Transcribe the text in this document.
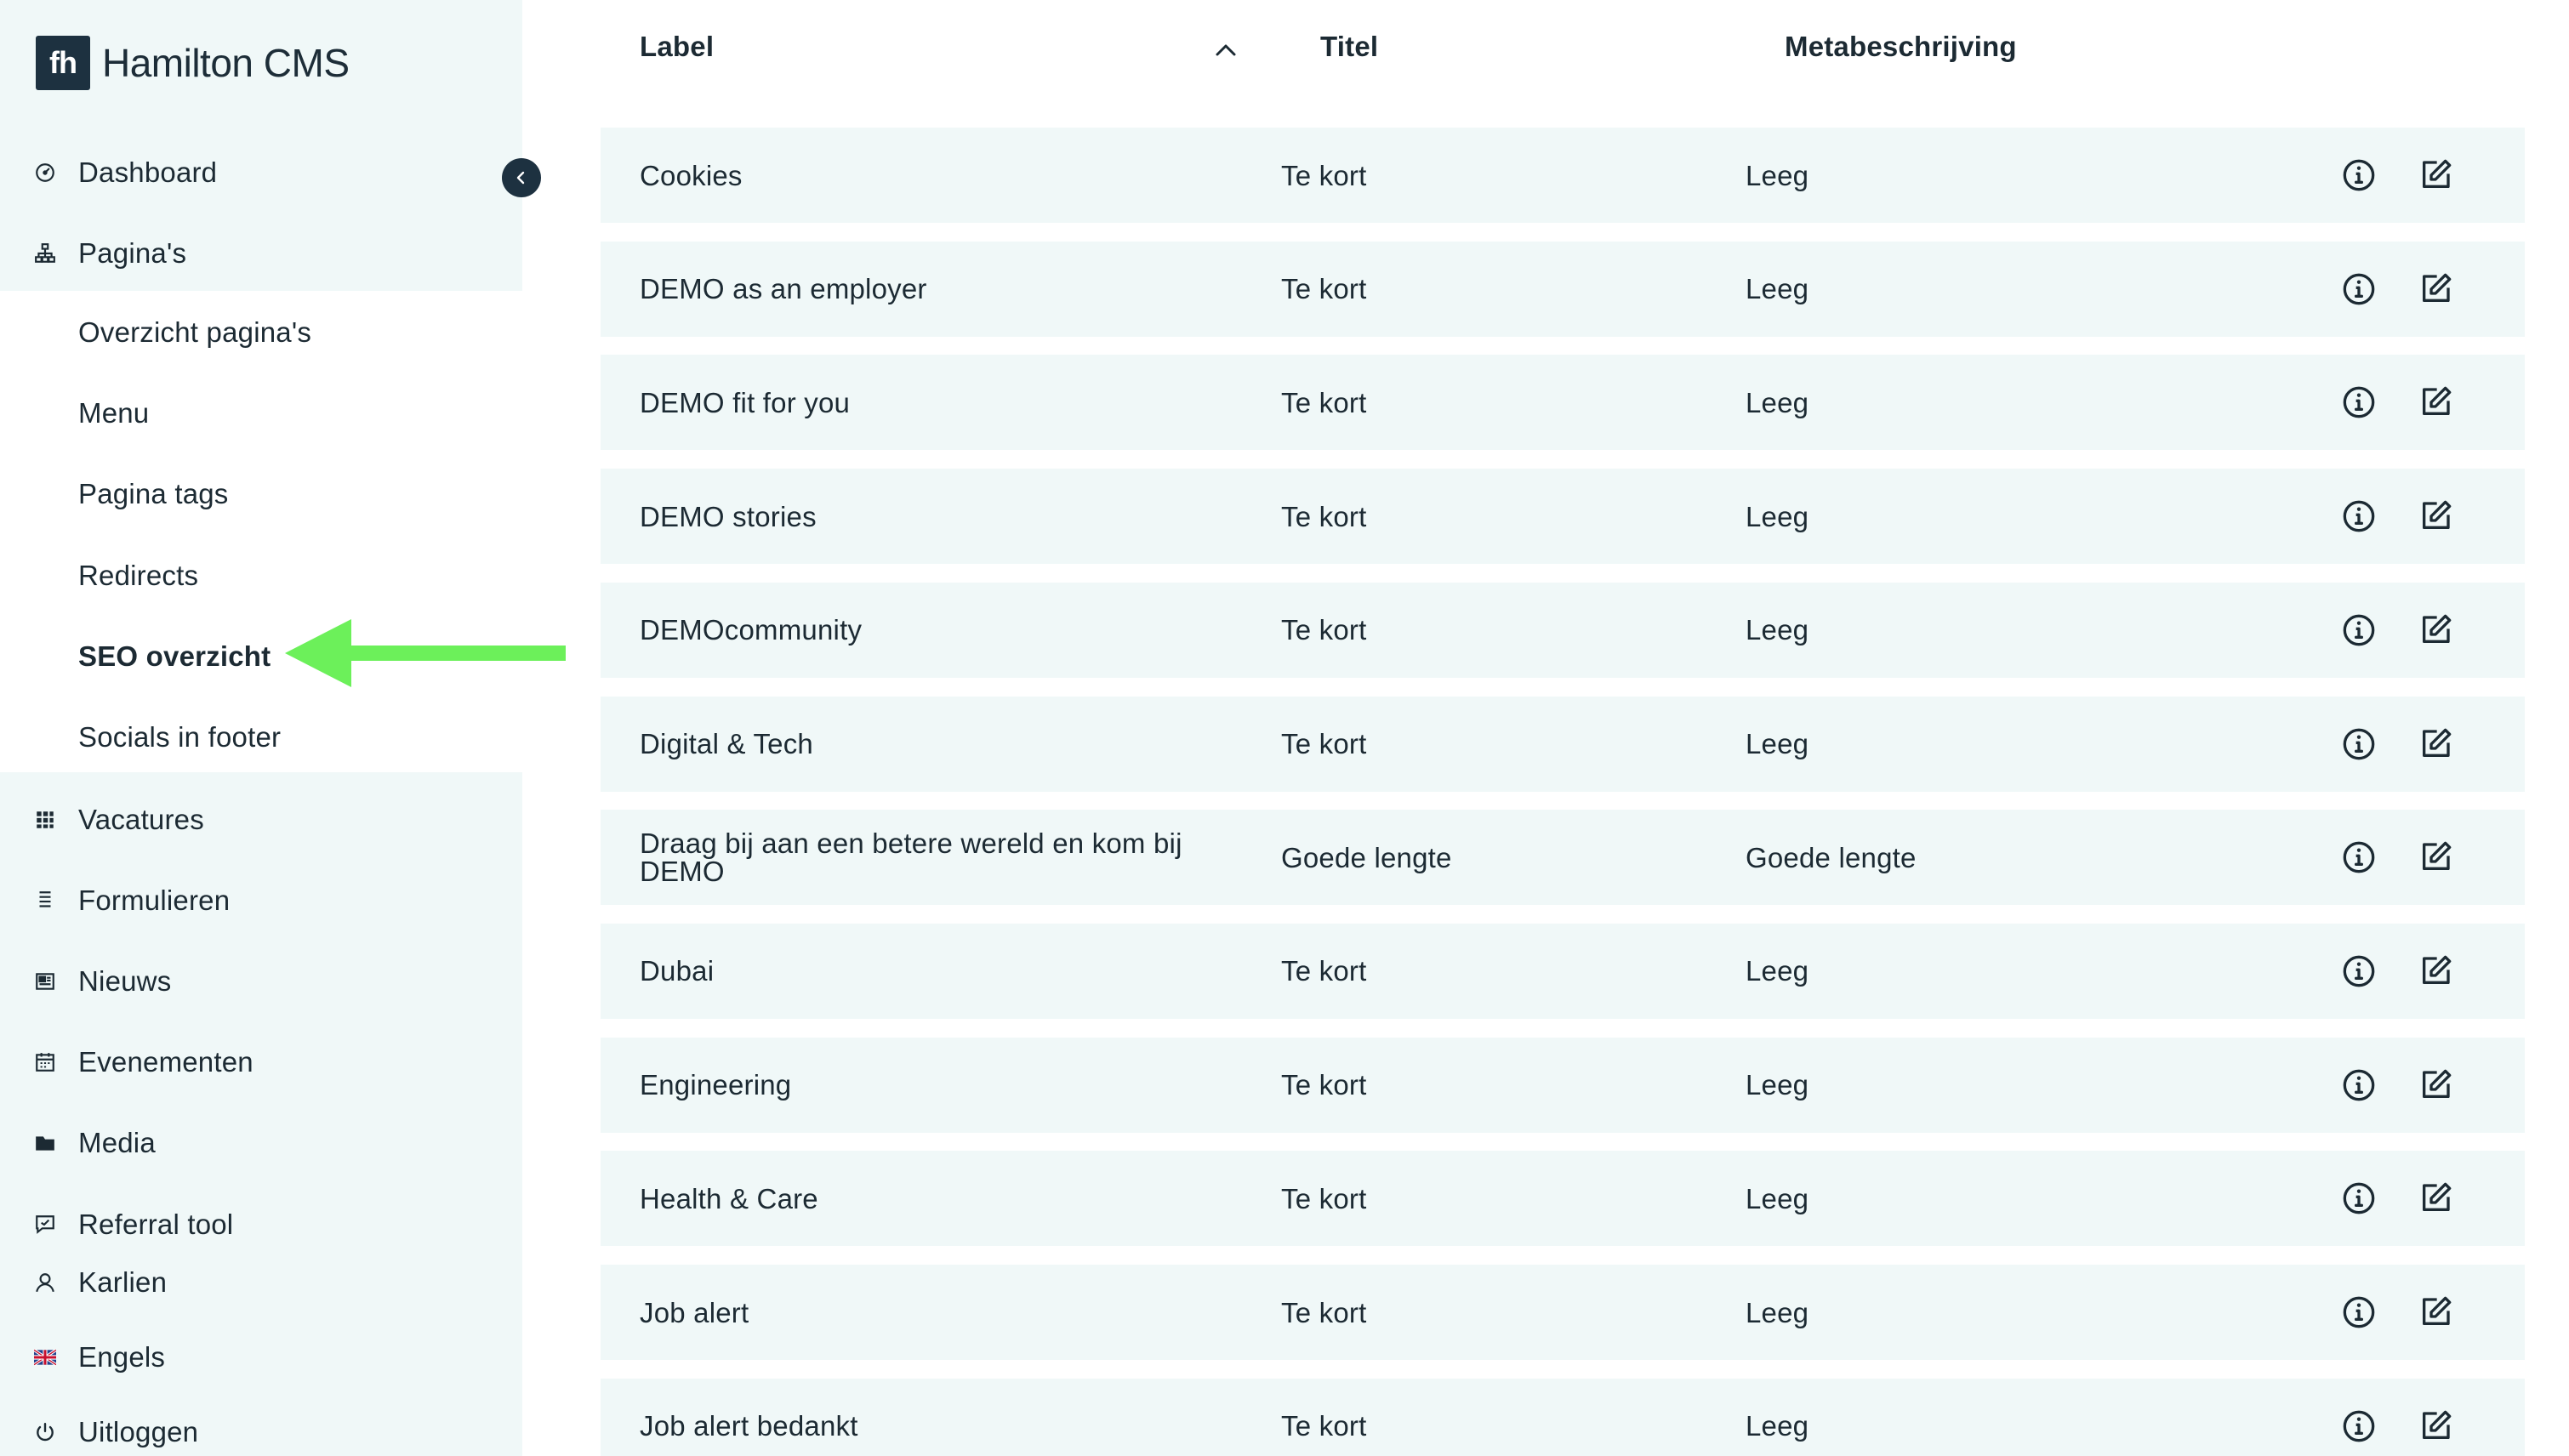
fh Hamilton CMS
Dashboard
Pagina's
Overzicht pagina's
Menu
Pagina tags
Redirects
SEO overzicht
Socials in footer
Vacatures
Formulieren
Nieuws
Evenementen
Media
Referral tool
Karlien
Engels
Uitloggen
Label	Titel	Metabeschrijving
Cookies	Te kort	Leeg
DEMO as an employer	Te kort	Leeg
DEMO fit for you	Te kort	Leeg
DEMO stories	Te kort	Leeg
DEMOcommunity	Te kort	Leeg
Digital & Tech	Te kort	Leeg
Draag bij aan een betere wereld en kom bij DEMO	Goede lengte	Goede lengte
Dubai	Te kort	Leeg
Engineering	Te kort	Leeg
Health & Care	Te kort	Leeg
Job alert	Te kort	Leeg
Job alert bedankt	Te kort	Leeg
